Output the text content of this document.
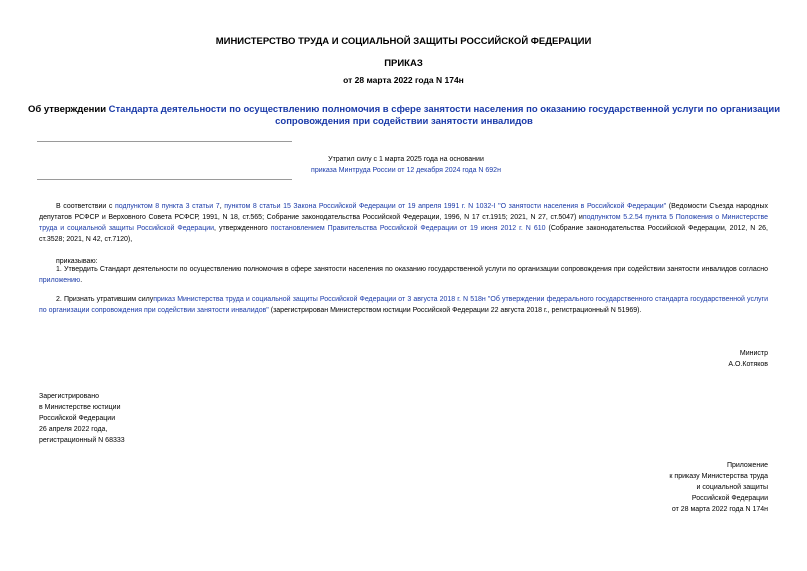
МИНИСТЕРСТВО ТРУДА И СОЦИАЛЬНОЙ ЗАЩИТЫ РОССИЙСКОЙ ФЕДЕРАЦИИ
ПРИКАЗ
от 28 марта 2022 года N 174н
Об утверждении Стандарта деятельности по осуществлению полномочия в сфере занятости населения по оказанию государственной услуги по организации сопровождения при содействии занятости инвалидов
Утратил силу с 1 марта 2025 года на основании
приказа Минтруда России от 12 декабря 2024 года N 692н
В соответствии с подпунктом 8 пункта 3 статьи 7, пунктом 8 статьи 15 Закона Российской Федерации от 19 апреля 1991 г. N 1032-I "О занятости населения в Российской Федерации" (Ведомости Съезда народных депутатов РСФСР и Верховного Совета РСФСР, 1991, N 18, ст.565; Собрание законодательства Российской Федерации, 1996, N 17 ст.1915; 2021, N 27, ст.5047) иподпунктом 5.2.54 пункта 5 Положения о Министерстве труда и социальной защиты Российской Федерации, утвержденного постановлением Правительства Российской Федерации от 19 июня 2012 г. N 610 (Собрание законодательства Российской Федерации, 2012, N 26, ст.3528; 2021, N 42, ст.7120),
приказываю:
1. Утвердить Стандарт деятельности по осуществлению полномочия в сфере занятости населения по оказанию государственной услуги по организации сопровождения при содействии занятости инвалидов согласно приложению.
2. Признать утратившим силуприказ Министерства труда и социальной защиты Российской Федерации от 3 августа 2018 г. N 518н "Об утверждении федерального государственного стандарта государственной услуги по организации сопровождения при содействии занятости инвалидов" (зарегистрирован Министерством юстиции Российской Федерации 22 августа 2018 г., регистрационный N 51969).
Министр
А.О.Котяков
Зарегистрировано
в Министерстве юстиции
Российской Федерации
26 апреля 2022 года,
регистрационный N 68333
Приложение
к приказу Министерства труда
и социальной защиты
Российской Федерации
от 28 марта 2022 года N 174н
